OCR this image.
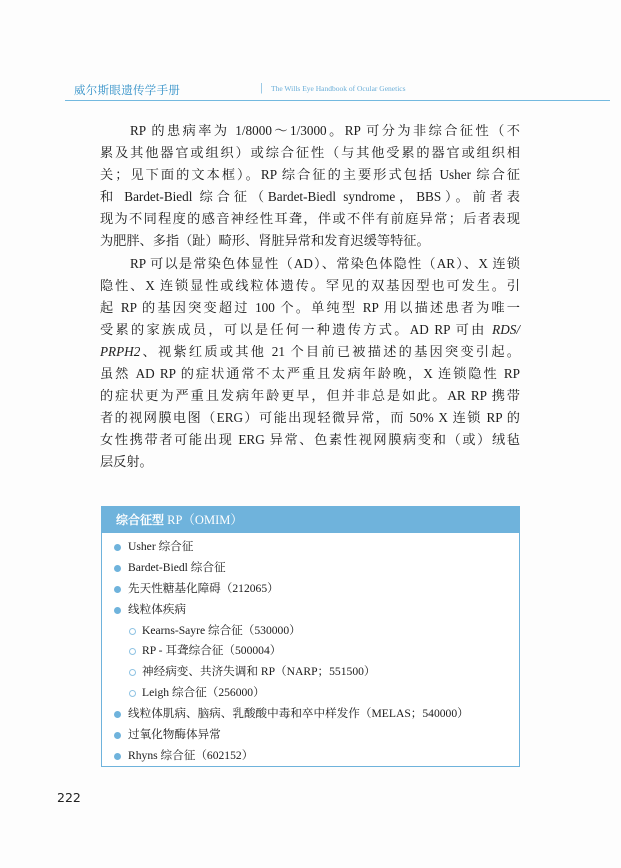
威尔斯眼遗传学手册	| The Wills Eye Handbook of Ocular Genetics
RP 的患病率为 1/8000～1/3000。RP 可分为非综合征性（不
累及其他器官或组织）或综合征性（与其他受累的器官或组织相
关；见下面的文本框）。RP 综合征的主要形式包括 Usher 综合征
和 Bardet-Biedl 综合征（Bardet-Biedl syndrome，BBS）。前者表
现为不同程度的感音神经性耳聋，伴或不伴有前庭异常；后者表现
为肥胖、多指（趾）畸形、肾脏异常和发育迟缓等特征。
RP 可以是常染色体显性（AD）、常染色体隐性（AR）、X 连锁
隐性、X 连锁显性或线粒体遗传。罕见的双基因型也可发生。引
起 RP 的基因突变超过 100 个。单纯型 RP 用以描述患者为唯一
受累的家族成员，可以是任何一种遗传方式。AD RP 可由 RDS/
PRPH2、视紫红质或其他 21 个目前已被描述的基因突变引起。
虽然 AD RP 的症状通常不太严重且发病年龄晚，X 连锁隐性 RP
的症状更为严重且发病年龄更早，但并非总是如此。AR RP 携带
者的视网膜电图（ERG）可能出现轻微异常，而 50% X 连锁 RP 的
女性携带者可能出现 ERG 异常、色素性视网膜病变和（或）绒毡
层反射。
综合征型 RP（OMIM）
Usher 综合征
Bardet-Biedl 综合征
先天性糖基化障碍（212065）
线粒体疾病
Kearns-Sayre 综合征（530000）
RP - 耳聋综合征（500004）
神经病变、共济失调和 RP（NARP；551500）
Leigh 综合征（256000）
线粒体肌病、脑病、乳酸酸中毒和卒中样发作（MELAS；540000）
过氧化物酶体异常
Rhyns 综合征（602152）
222
